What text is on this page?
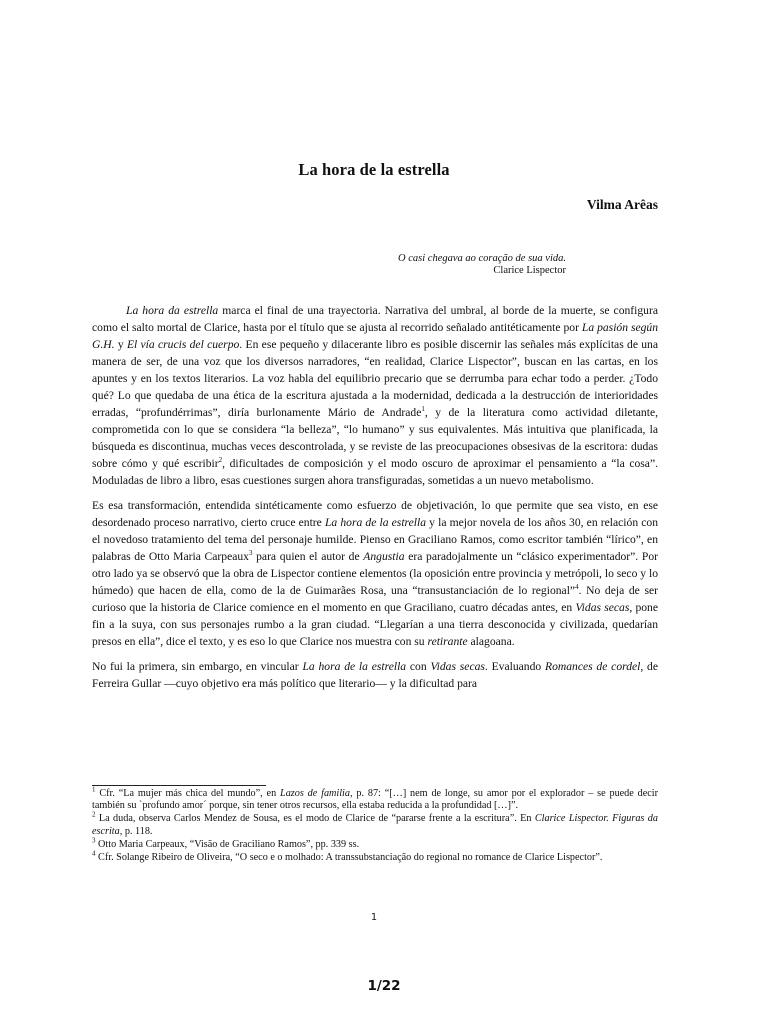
La hora de la estrella
Vilma Arêas
O casi chegava ao coração de sua vida.
Clarice Lispector

La hora da estrella marca el final de una trayectoria. Narrativa del umbral, al borde de la muerte, se configura como el salto mortal de Clarice, hasta por el título que se ajusta al recorrido señalado antitéticamente por La pasión según G.H. y El vía crucis del cuerpo. En ese pequeño y dilacerante libro es posible discernir las señales más explícitas de una manera de ser, de una voz que los diversos narradores, “en realidad, Clarice Lispector”, buscan en las cartas, en los apuntes y en los textos literarios. La voz habla del equilibrio precario que se derrumba para echar todo a perder. ¿Todo qué? Lo que quedaba de una ética de la escritura ajustada a la modernidad, dedicada a la destrucción de interioridades erradas, “profundérrimas”, diría burlonamente Mário de Andrade$^1$, y de la literatura como actividad diletante, comprometida con lo que se considera “la belleza”, “lo humano” y sus equivalentes. Más intuitiva que planificada, la búsqueda es discontinua, muchas veces descontrolada, y se reviste de las preocupaciones obsesivas de la escritora: dudas sobre cómo y qué escribir$^2$, dificultades de composición y el modo oscuro de aproximar el pensamiento a “la cosa”. Moduladas de libro a libro, esas cuestiones surgen ahora transfiguradas, sometidas a un nuevo metabolismo.

Es esa transformación, entendida sintéticamente como esfuerzo de objetivación, lo que permite que sea visto, en ese desordenado proceso narrativo, cierto cruce entre La hora de la estrella y la mejor novela de los años 30, en relación con el novedoso tratamiento del tema del personaje humilde. Pienso en Graciliano Ramos, como escritor también “lírico”, en palabras de Otto Maria Carpeaux$^3$ para quien el autor de Angustia era paradojalmente un “clásico experimentador”. Por otro lado ya se observó que la obra de Lispector contiene elementos (la oposición entre provincia y metrópoli, lo seco y lo húmedo) que hacen de ella, como de la de Guimarães Rosa, una “transustanciación de lo regional”$^4$. No deja de ser curioso que la historia de Clarice comience en el momento en que Graciliano, cuatro décadas antes, en Vidas secas, pone fin a la suya, con sus personajes rumbo a la gran ciudad. “Llegarían a una tierra desconocida y civilizada, quedarían presos en ella”, dice el texto, y es eso lo que Clarice nos muestra con su retirante alagoana.

No fui la primera, sin embargo, en vincular La hora de la estrella con Vidas secas. Evaluando Romances de cordel, de Ferreira Gullar —cuyo objetivo era más político que literario— y la dificultad para

$^1$ Cfr. “La mujer más chica del mundo”, en Lazos de familia, p. 87: “[…] nem de longe, su amor por el explorador – se puede decir también su `profundo amor´ porque, sin tener otros recursos, ella estaba reducida a la profundidad […]”.
$^2$ La duda, observa Carlos Mendez de Sousa, es el modo de Clarice de “pararse frente a la escritura”. En Clarice Lispector. Figuras da escrita, p. 118.
$^3$ Otto Maria Carpeaux, “Visão de Graciliano Ramos”, pp. 339 ss.
$^4$ Cfr. Solange Ribeiro de Oliveira, “O seco e o molhado: A transsubstanciação do regional no romance de Clarice Lispector”.
1
1/22
